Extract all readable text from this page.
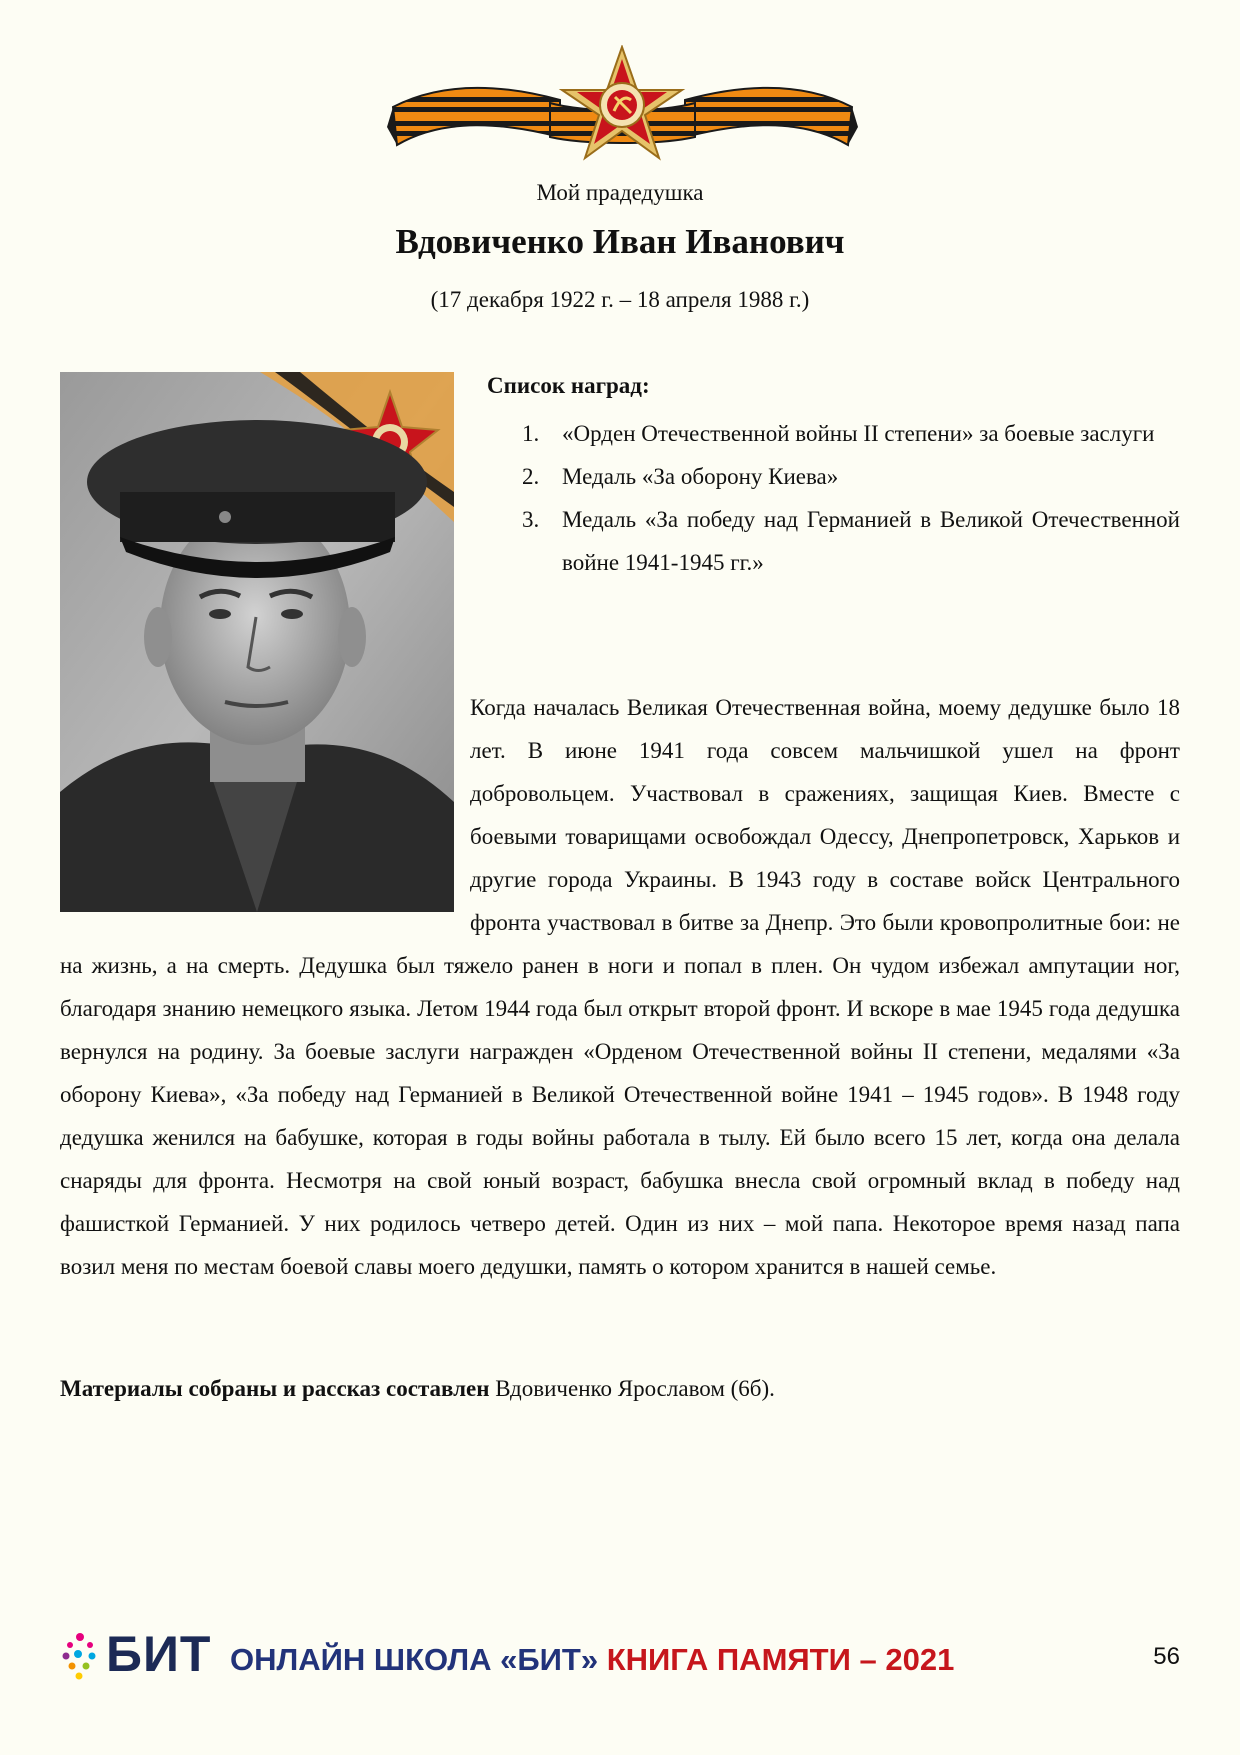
Мой прадедушка
Вдовиченко Иван Иванович
(17 декабря 1922 г. – 18 апреля 1988 г.)
Список наград:
1. «Орден Отечественной войны II степени» за боевые заслуги
2. Медаль «За оборону Киева»
3. Медаль «За победу над Германией в Великой Отечественной войне 1941-1945 гг.»

Когда началась Великая Отечественная война, моему дедушке было 18 лет. В июне 1941 года совсем мальчишкой ушел на фронт добровольцем. Участвовал в сражениях, защищая Киев. Вместе с боевыми товарищами освобождал Одессу, Днепропетровск, Харьков и другие города Украины. В 1943 году в составе войск Центрального фронта участвовал в битве за Днепр. Это были кровопролитные бои: не на жизнь, а на смерть. Дедушка был тяжело ранен в ноги и попал в плен. Он чудом избежал ампутации ног, благодаря знанию немецкого языка. Летом 1944 года был открыт второй фронт. И вскоре в мае 1945 года дедушка вернулся на родину. За боевые заслуги награжден «Орденом Отечественной войны II степени, медалями «За оборону Киева», «За победу над Германией в Великой Отечественной войне 1941 – 1945 годов». В 1948 году дедушка женился на бабушке, которая в годы войны работала в тылу. Ей было всего 15 лет, когда она делала снаряды для фронта. Несмотря на свой юный возраст, бабушка внесла свой огромный вклад в победу над фашисткой Германией. У них родилось четверо детей. Один из них – мой папа. Некоторое время назад папа возил меня по местам боевой славы моего дедушки, память о котором хранится в нашей семье.

Материалы собраны и рассказ составлен Вдовиченко Ярославом (6б).
БИТ ОНЛАЙН ШКОЛА «БИТ» КНИГА ПАМЯТИ – 2021	56
